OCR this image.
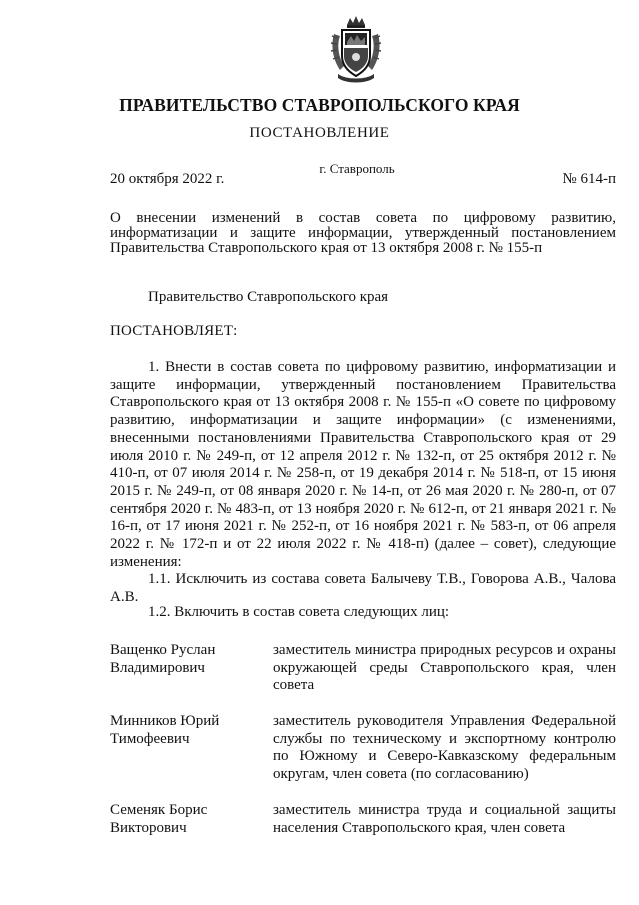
ПРАВИТЕЛЬСТВО СТАВРОПОЛЬСКОГО КРАЯ
ПОСТАНОВЛЕНИЕ
г. Ставрополь
20 октября 2022 г.	№ 614-п
О внесении изменений в состав совета по цифровому развитию, информатизации и защите информации, утвержденный постановлением Правительства Ставропольского края от 13 октября 2008 г. № 155-п
Правительство Ставропольского края
ПОСТАНОВЛЯЕТ:

1. Внести в состав совета по цифровому развитию, информатизации и защите информации, утвержденный постановлением Правительства Ставропольского края от 13 октября 2008 г. № 155-п «О совете по цифровому развитию, информатизации и защите информации» (с изменениями, внесенными постановлениями Правительства Ставропольского края от 29 июля 2010 г. № 249-п, от 12 апреля 2012 г. № 132-п, от 25 октября 2012 г. № 410-п, от 07 июля 2014 г. № 258-п, от 19 декабря 2014 г. № 518-п, от 15 июня 2015 г. № 249-п, от 08 января 2020 г. № 14-п, от 26 мая 2020 г. № 280-п, от 07 сентября 2020 г. № 483-п, от 13 ноября 2020 г. № 612-п, от 21 января 2021 г. № 16-п, от 17 июня 2021 г. № 252-п, от 16 ноября 2021 г. № 583-п, от 06 апреля 2022 г. № 172-п и от 22 июля 2022 г. № 418-п) (далее – совет), следующие изменения:

1.1. Исключить из состава совета Балычеву Т.В., Говорова А.В., Чалова А.В.

1.2. Включить в состав совета следующих лиц:

Ващенко Руслан
Владимирович
заместитель министра природных ресурсов и охраны окружающей среды Ставропольского края, член совета
Минников Юрий
Тимофеевич
заместитель руководителя Управления Федеральной службы по техническому и экспортному контролю по Южному и Северо-Кавказскому федеральным округам, член совета (по согласованию)
Семеняк Борис
Викторович
заместитель министра труда и социальной защиты населения Ставропольского края, член совета
